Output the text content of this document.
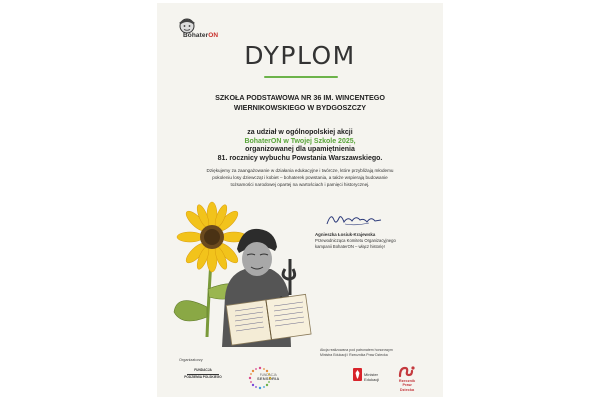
BohaterON
DYPLOM
SZKOŁA PODSTAWOWA NR 36 IM. WINCENTEGO
WIERNIKOWSKIEGO W BYDGOSZCZY
za udział w ogólnopolskiej akcji
BohaterON w Twojej Szkole 2025,
organizowanej dla upamiętnienia
81. rocznicy wybuchu Powstania Warszawskiego.
Dziękujemy za zaangażowanie w działania edukacyjne i twórcze, które przybliżają młodemu
pokoleniu losy dziewcząt i kobiet – bohaterek powstania, a także wspierają budowanie
tożsamości narodowej opartej na wartościach i pamięci historycznej.
Agnieszka Łosiuk-Krajewska
Przewodnicząca Komitetu Organizacyjnego
kampanii BohaterON – włącz historię!
Organizatorzy
Akcja realizowana pod patronatem honorowym
Ministra Edukacji i Rzecznika Praw Dziecka
FUNDACJA
PODZIEMIA POLSKIEGO	FUNDACJA
SENSORIA
Minister
Edukacji	Rzecznik
Praw Dziecka
